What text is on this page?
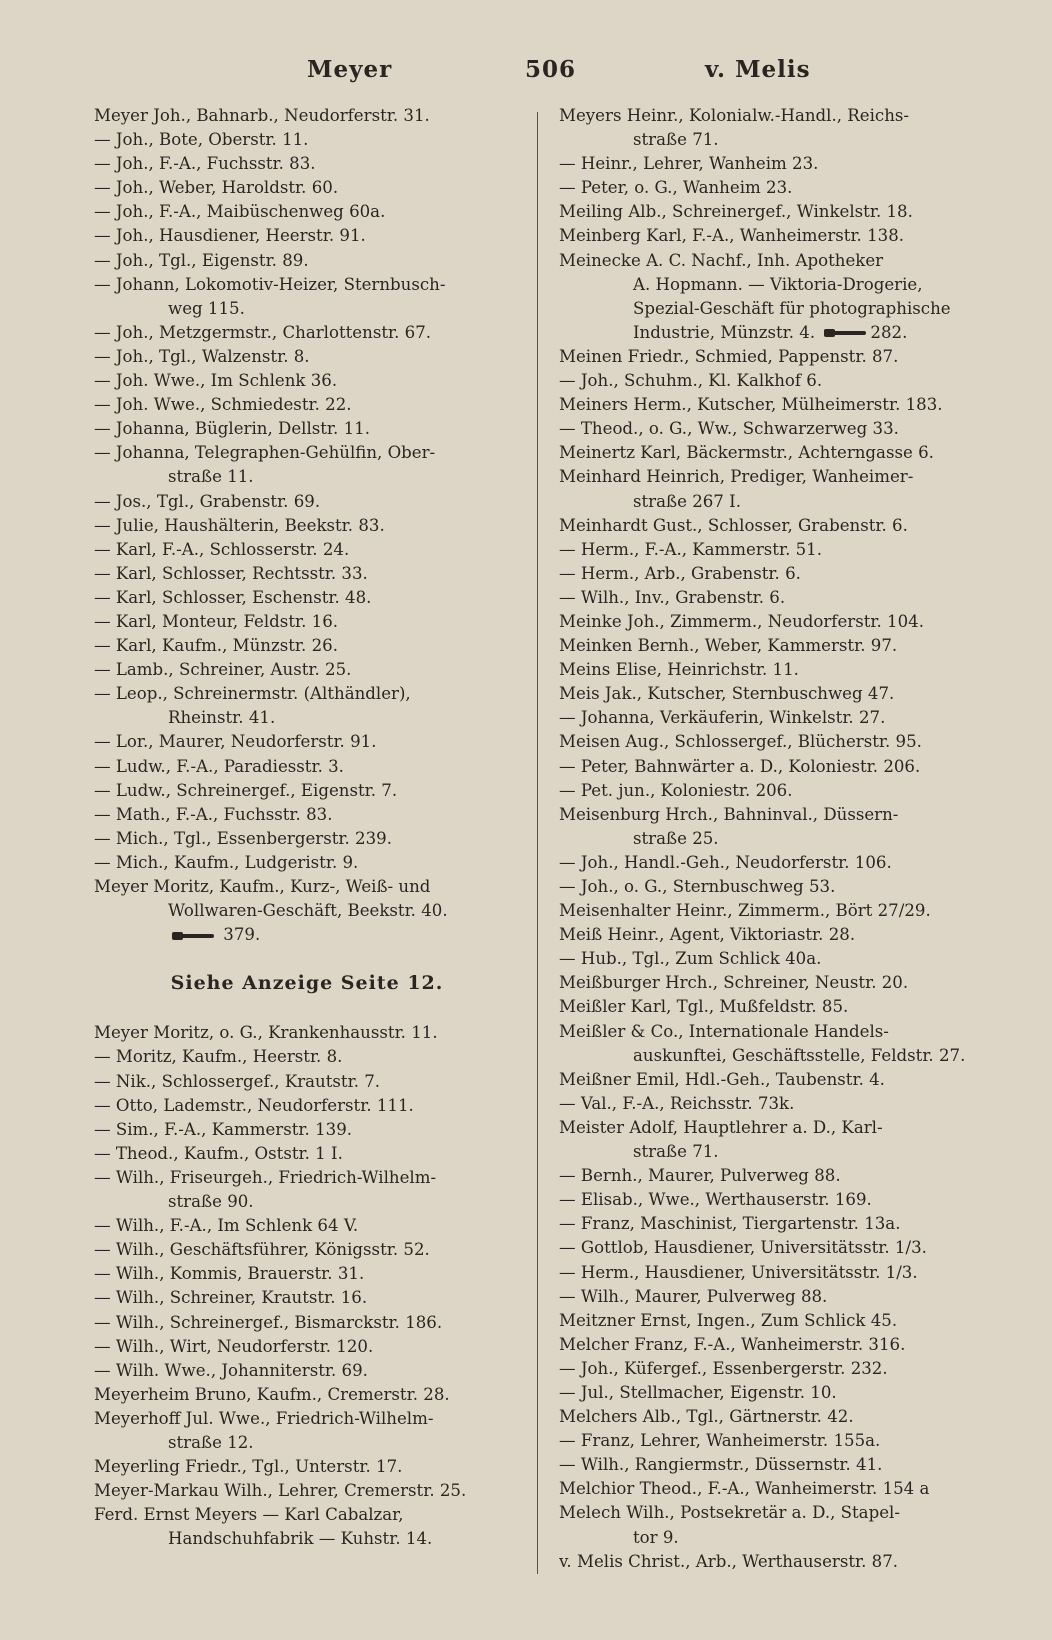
Meyer	506	v. Melis
Meyer Joh., Bahnarb., Neudorferstr. 31.
— Joh., Bote, Oberstr. 11.
— Joh., F.-A., Fuchsstr. 83.
— Joh., Weber, Haroldstr. 60.
— Joh., F.-A., Maibüschenweg 60a.
— Joh., Hausdiener, Heerstr. 91.
— Joh., Tgl., Eigenstr. 89.
— Johann, Lokomotiv-Heizer, Sternbusch-
weg 115.
— Joh., Metzgermstr., Charlottenstr. 67.
— Joh., Tgl., Walzenstr. 8.
— Joh. Wwe., Im Schlenk 36.
— Joh. Wwe., Schmiedestr. 22.
— Johanna, Büglerin, Dellstr. 11.
— Johanna, Telegraphen-Gehülfin, Ober-
straße 11.
— Jos., Tgl., Grabenstr. 69.
— Julie, Haushälterin, Beekstr. 83.
— Karl, F.-A., Schlosserstr. 24.
— Karl, Schlosser, Rechtsstr. 33.
— Karl, Schlosser, Eschenstr. 48.
— Karl, Monteur, Feldstr. 16.
— Karl, Kaufm., Münzstr. 26.
— Lamb., Schreiner, Austr. 25.
— Leop., Schreinermstr. (Althändler),
Rheinstr. 41.
— Lor., Maurer, Neudorferstr. 91.
— Ludw., F.-A., Paradiesstr. 3.
— Ludw., Schreinergef., Eigenstr. 7.
— Math., F.-A., Fuchsstr. 83.
— Mich., Tgl., Essenbergerstr. 239.
— Mich., Kaufm., Ludgeristr. 9.
Meyer Moritz, Kaufm., Kurz-, Weiß- und
Wollwaren-Geschäft, Beekstr. 40.
379.
Siehe Anzeige Seite 12.
Meyer Moritz, o. G., Krankenhausstr. 11.
— Moritz, Kaufm., Heerstr. 8.
— Nik., Schlossergef., Krautstr. 7.
— Otto, Lademstr., Neudorferstr. 111.
— Sim., F.-A., Kammerstr. 139.
— Theod., Kaufm., Oststr. 1 I.
— Wilh., Friseurgeh., Friedrich-Wilhelm-
straße 90.
— Wilh., F.-A., Im Schlenk 64 V.
— Wilh., Geschäftsführer, Königsstr. 52.
— Wilh., Kommis, Brauerstr. 31.
— Wilh., Schreiner, Krautstr. 16.
— Wilh., Schreinergef., Bismarckstr. 186.
— Wilh., Wirt, Neudorferstr. 120.
— Wilh. Wwe., Johanniterstr. 69.
Meyerheim Bruno, Kaufm., Cremerstr. 28.
Meyerhoff Jul. Wwe., Friedrich-Wilhelm-
straße 12.
Meyerling Friedr., Tgl., Unterstr. 17.
Meyer-Markau Wilh., Lehrer, Cremerstr. 25.
Ferd. Ernst Meyers — Karl Cabalzar,
Handschuhfabrik — Kuhstr. 14.
Meyers Heinr., Kolonialw.-Handl., Reichs-
straße 71.
— Heinr., Lehrer, Wanheim 23.
— Peter, o. G., Wanheim 23.
Meiling Alb., Schreinergef., Winkelstr. 18.
Meinberg Karl, F.-A., Wanheimerstr. 138.
Meinecke A. C. Nachf., Inh. Apotheker
A. Hopmann. — Viktoria-Drogerie,
Spezial-Geschäft für photographische
Industrie, Münzstr. 4.	282.
Meinen Friedr., Schmied, Pappenstr. 87.
— Joh., Schuhm., Kl. Kalkhof 6.
Meiners Herm., Kutscher, Mülheimerstr. 183.
— Theod., o. G., Ww., Schwarzerweg 33.
Meinertz Karl, Bäckermstr., Achterngasse 6.
Meinhard Heinrich, Prediger, Wanheimer-
straße 267 I.
Meinhardt Gust., Schlosser, Grabenstr. 6.
— Herm., F.-A., Kammerstr. 51.
— Herm., Arb., Grabenstr. 6.
— Wilh., Inv., Grabenstr. 6.
Meinke Joh., Zimmerm., Neudorferstr. 104.
Meinken Bernh., Weber, Kammerstr. 97.
Meins Elise, Heinrichstr. 11.
Meis Jak., Kutscher, Sternbuschweg 47.
— Johanna, Verkäuferin, Winkelstr. 27.
Meisen Aug., Schlossergef., Blücherstr. 95.
— Peter, Bahnwärter a. D., Koloniestr. 206.
— Pet. jun., Koloniestr. 206.
Meisenburg Hrch., Bahninval., Düssern-
straße 25.
— Joh., Handl.-Geh., Neudorferstr. 106.
— Joh., o. G., Sternbuschweg 53.
Meisenhalter Heinr., Zimmerm., Bört 27/29.
Meiß Heinr., Agent, Viktoriastr. 28.
— Hub., Tgl., Zum Schlick 40a.
Meißburger Hrch., Schreiner, Neustr. 20.
Meißler Karl, Tgl., Mußfeldstr. 85.
Meißler & Co., Internationale Handels-
auskunftei, Geschäftsstelle, Feldstr. 27.
Meißner Emil, Hdl.-Geh., Taubenstr. 4.
— Val., F.-A., Reichsstr. 73k.
Meister Adolf, Hauptlehrer a. D., Karl-
straße 71.
— Bernh., Maurer, Pulverweg 88.
— Elisab., Wwe., Werthauserstr. 169.
— Franz, Maschinist, Tiergartenstr. 13a.
— Gottlob, Hausdiener, Universitätsstr. 1/3.
— Herm., Hausdiener, Universitätsstr. 1/3.
— Wilh., Maurer, Pulverweg 88.
Meitzner Ernst, Ingen., Zum Schlick 45.
Melcher Franz, F.-A., Wanheimerstr. 316.
— Joh., Küfergef., Essenbergerstr. 232.
— Jul., Stellmacher, Eigenstr. 10.
Melchers Alb., Tgl., Gärtnerstr. 42.
— Franz, Lehrer, Wanheimerstr. 155a.
— Wilh., Rangiermstr., Düssernstr. 41.
Melchior Theod., F.-A., Wanheimerstr. 154 a
Melech Wilh., Postsekretär a. D., Stapel-
tor 9.
v. Melis Christ., Arb., Werthauserstr. 87.
